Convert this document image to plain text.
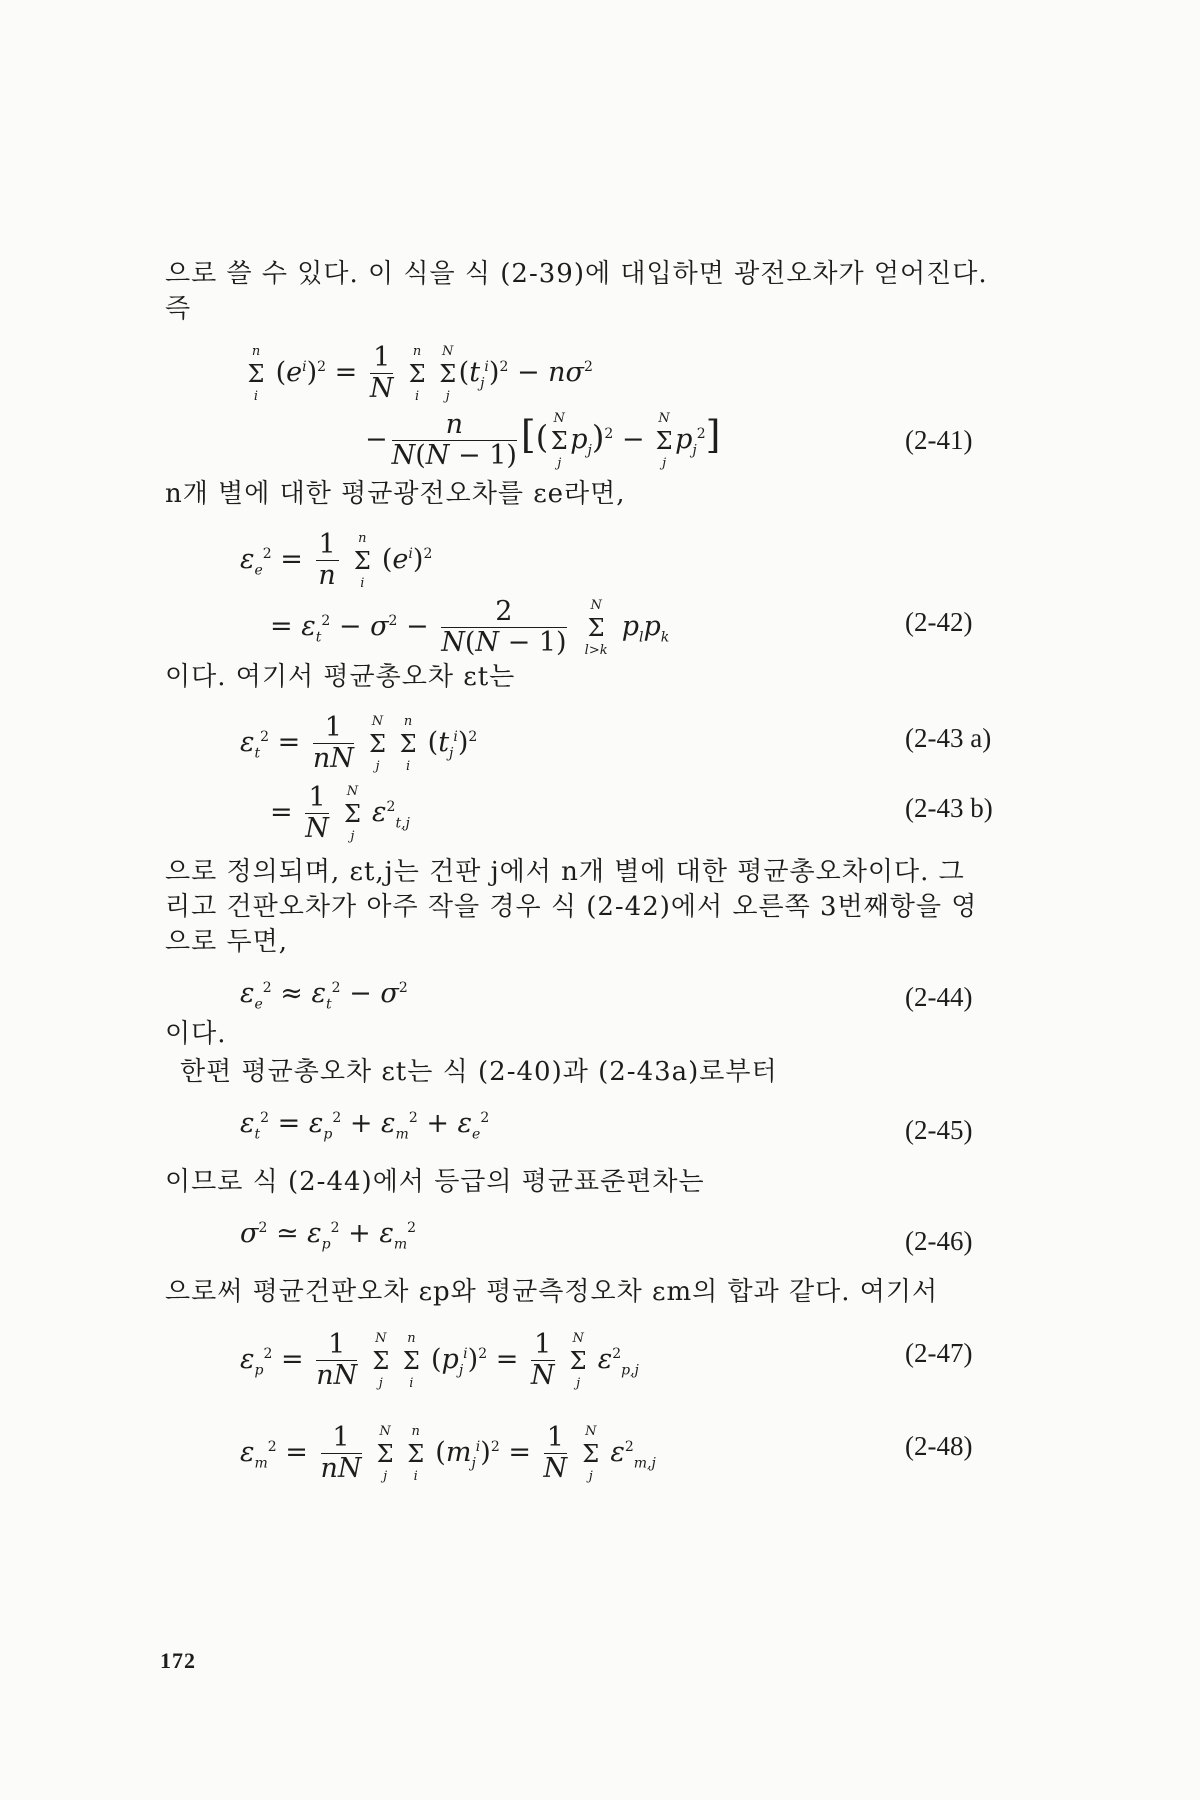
으로 쓸 수 있다. 이 식을 식 (2-39)에 대입하면 광전오차가 얻어진다.
즉
n
Σ
i
$(e^i)^2 = \frac{1}{N}$
	n
Σ
i

N
Σ
j
$(t_j^i)^2 - n\sigma^2$
− $\frac{n}{N(N - 1)}$ [( N
Σ
j
$p_j)^2$ −
N
Σ
j
$p_j^2$]	(2-41)
n개 별에 대한 평균광전오차를 εe라면,
$\varepsilon_e^2 = \frac{1}{n}$
	n
Σ
i
$(e^i)^2$
= $\varepsilon_t^2 - \sigma^2 - \frac{2}{N(N - 1)}$
	N
Σ
l>k
$p_lp_k$
(2-42)
이다. 여기서 평균총오차 εt는
$\varepsilon_t^2 = \frac{1}{nN}$
	N
Σ
j

n
Σ
i
$(t_j^i)^2$	(2-43 a)
= $\frac{1}{N}$
	N
Σ
j
$\varepsilon^2_{t,j}$
(2-43 b)
으로 정의되며, εt,j는 건판 j에서 n개 별에 대한 평균총오차이다. 그
리고 건판오차가 아주 작을 경우 식 (2-42)에서 오른쪽 3번째항을 영
으로 두면,
$\varepsilon_e^2 \approx \varepsilon_t^2 - \sigma^2$	(2-44)
이다.
한편 평균총오차 εt는 식 (2-40)과 (2-43a)로부터
$\varepsilon_t^2 = \varepsilon_p^2 + \varepsilon_m^2 + \varepsilon_e^2$	(2-45)
이므로 식 (2-44)에서 등급의 평균표준편차는
$\sigma^2$ ≃ $\varepsilon_p^2 + \varepsilon_m^2$	(2-46)
으로써 평균건판오차 εp와 평균측정오차 εm의 합과 같다. 여기서
$\varepsilon_p^2 = \frac{1}{nN}$
	N
Σ
j

n
Σ
i
$(p_j^i)^2 = \frac{1}{N}$
	N
Σ
j
$\varepsilon^2_{p,j}$
(2-47)
$\varepsilon_m^2 = \frac{1}{nN}$
	N
Σ
j

n
Σ
i
$(m_j^i)^2 = \frac{1}{N}$
	N
Σ
j
$\varepsilon^2_{m,j}$
(2-48)
172
